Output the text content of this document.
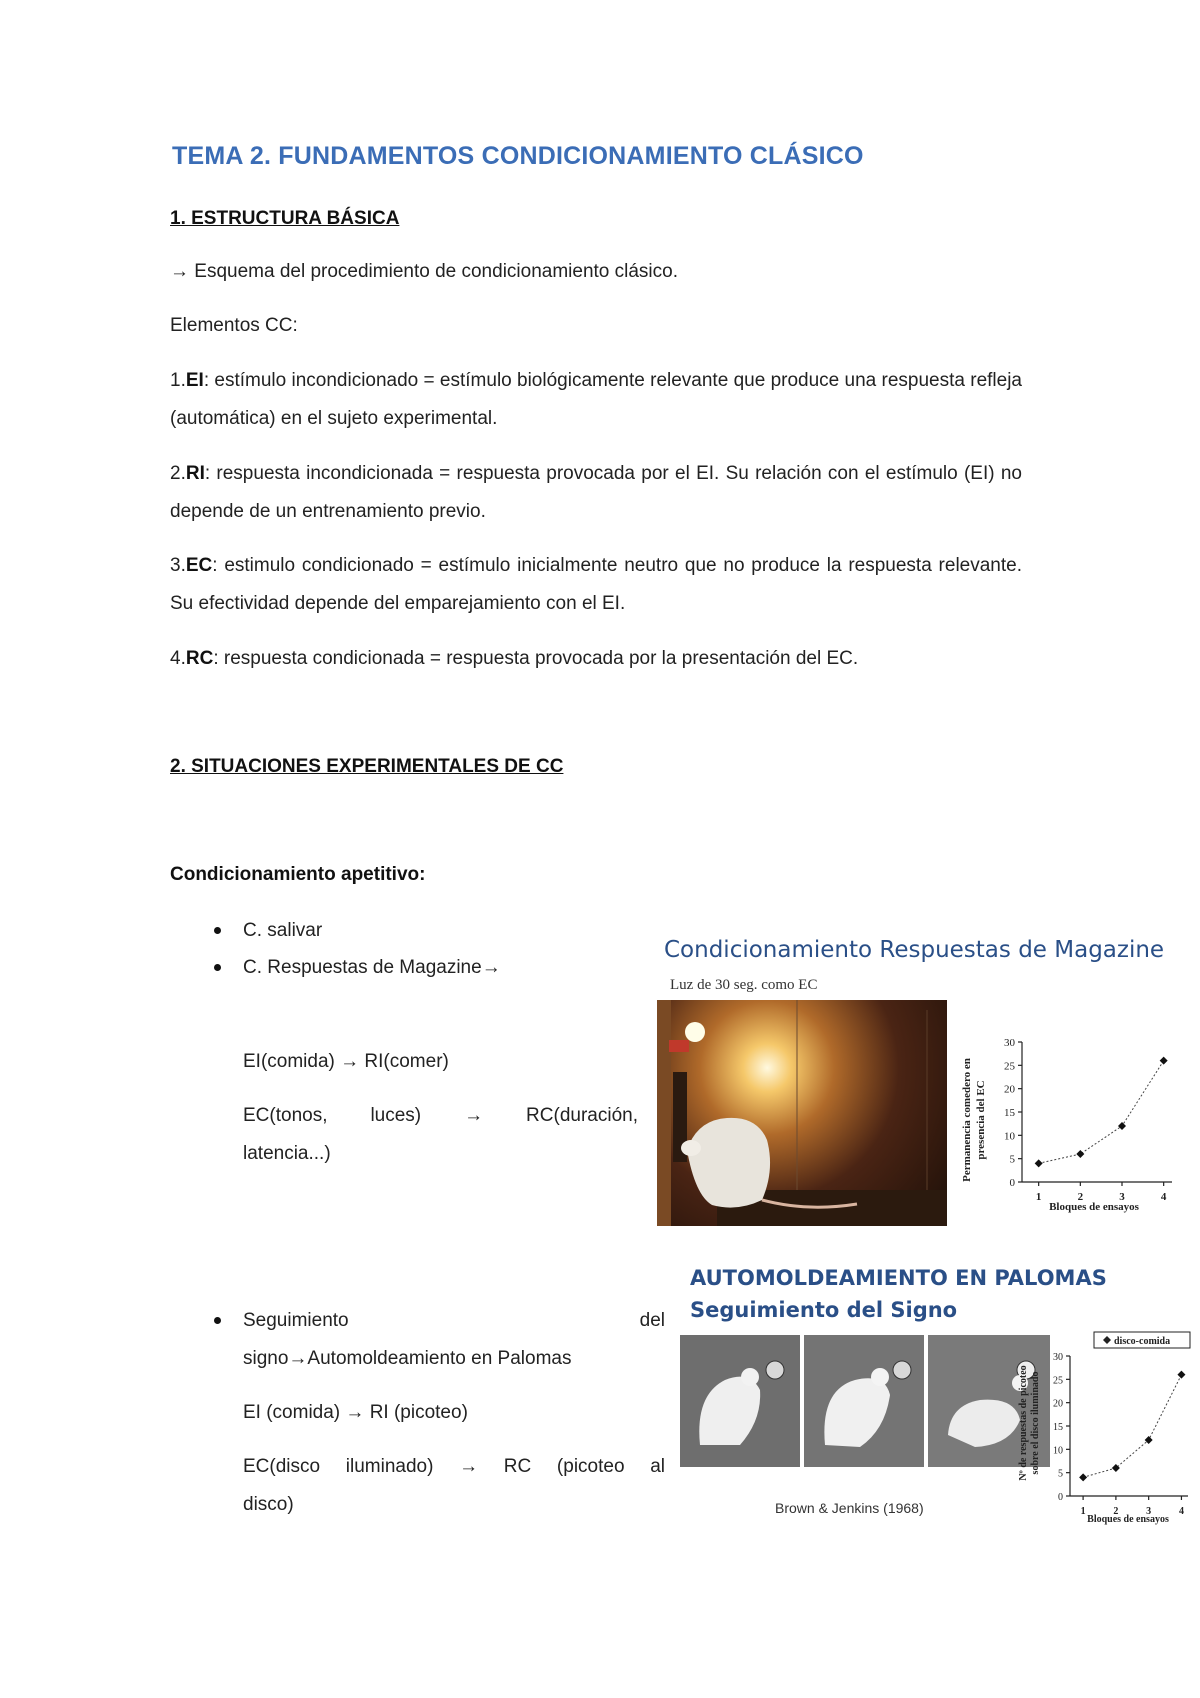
TEMA 2. FUNDAMENTOS CONDICIONAMIENTO CLÁSICO
1. ESTRUCTURA BÁSICA
→ Esquema del procedimiento de condicionamiento clásico.
Elementos CC:
1.EI: estímulo incondicionado = estímulo biológicamente relevante que produce una respuesta refleja (automática) en el sujeto experimental.
2.RI: respuesta incondicionada = respuesta provocada por el EI. Su relación con el estímulo (EI) no depende de un entrenamiento previo.
3.EC: estimulo condicionado = estímulo inicialmente neutro que no produce la respuesta relevante. Su efectividad depende del emparejamiento con el EI.
4.RC: respuesta condicionada = respuesta provocada por la presentación del EC.
2. SITUACIONES EXPERIMENTALES DE CC
Condicionamiento apetitivo:
C. salivar
C. Respuestas de Magazine→
EI(comida) → RI(comer)
EC(tonos, luces) → RC(duración,
latencia...)
Seguimiento del
signo→Automoldeamiento en Palomas
EI (comida) → RI (picoteo)
EC(disco iluminado) → RC (picoteo al
disco)
Condicionamiento Respuestas de Magazine
Luz de 30 seg. como EC
Permanencia comedero en presencia del EC
0
5
10
15
20
25
30
1	2	3	4
Bloques de ensayos
AUTOMOLDEAMIENTO EN PALOMAS
Seguimiento del Signo
Brown & Jenkins (1968)
Nº de respuestas de picoteo sobre el disco iluminado
disco-comida
0
5
10
15
20
25
30
1	2	3	4
Bloques de ensayos
